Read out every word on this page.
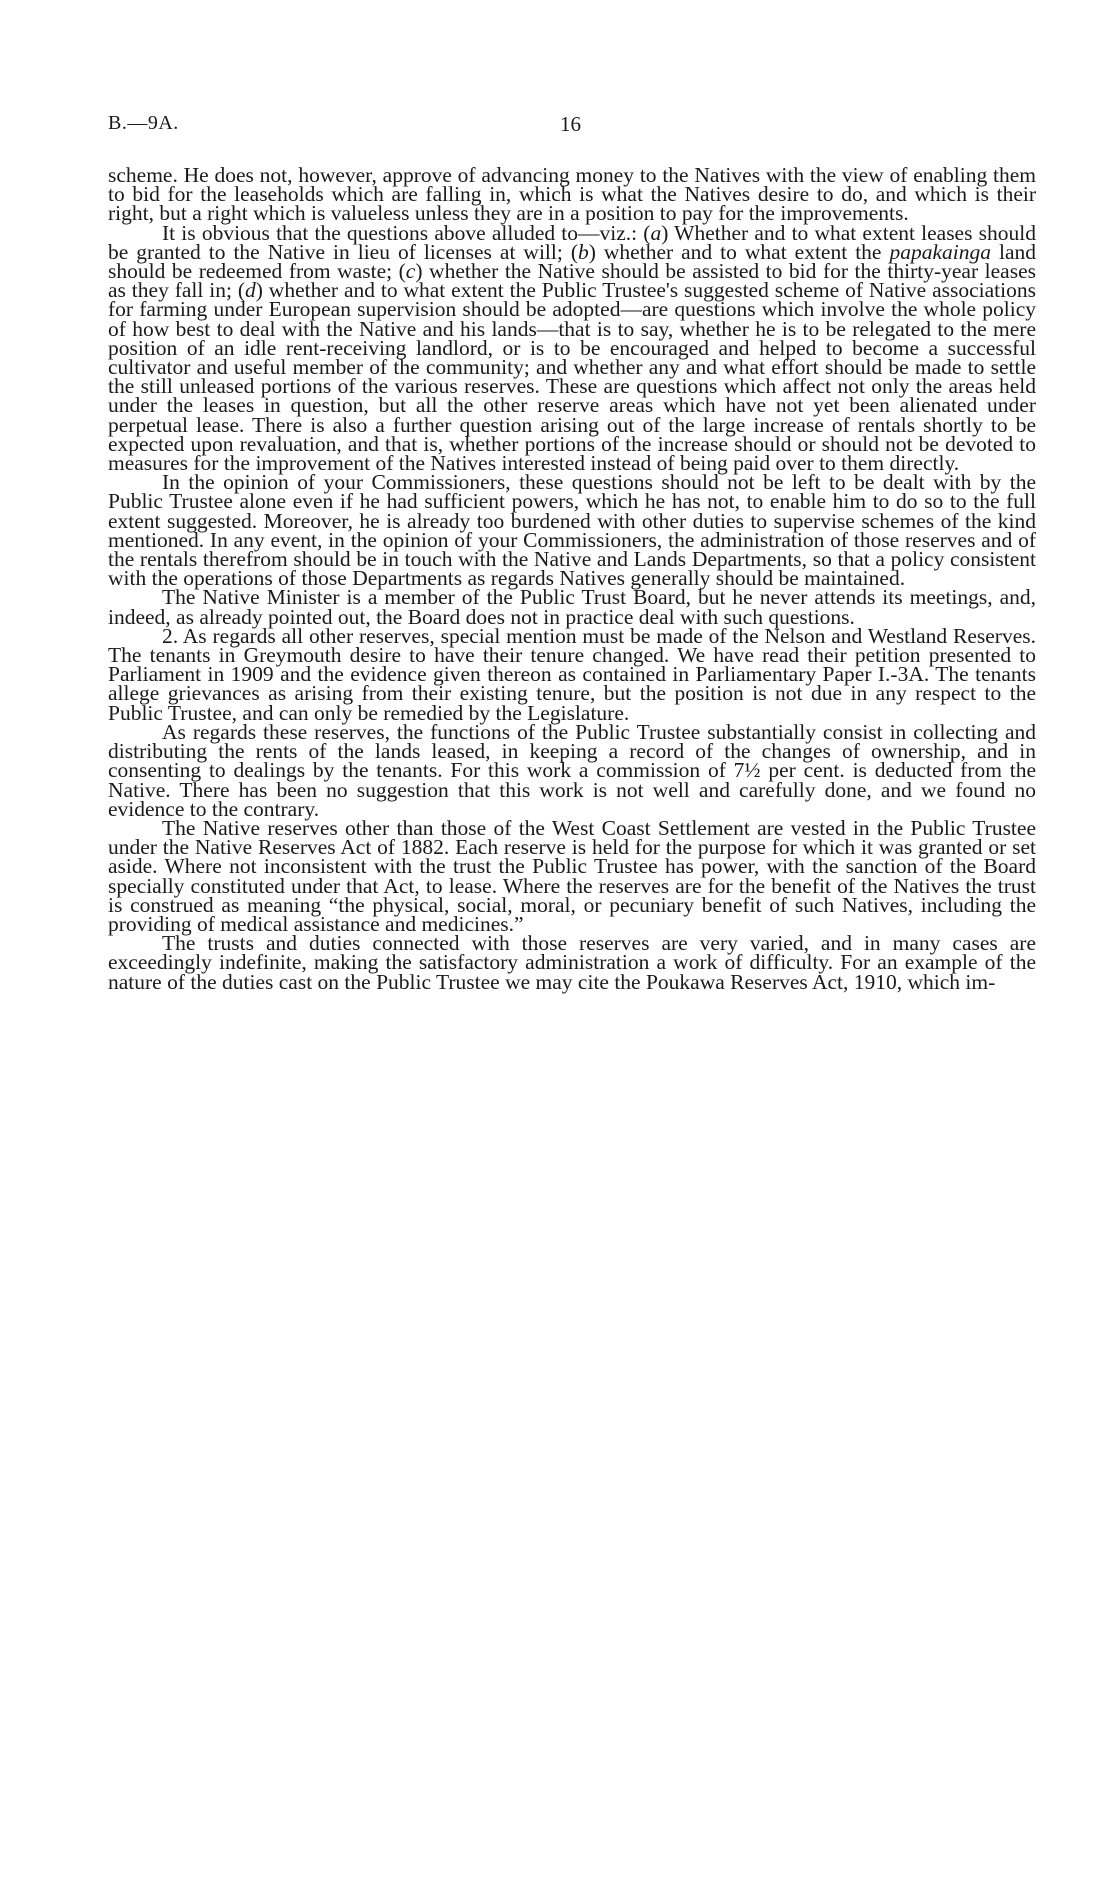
B.—9A.	16

scheme. He does not, however, approve of advancing money to the Natives with the view of enabling them to bid for the leaseholds which are falling in, which is what the Natives desire to do, and which is their right, but a right which is valueless unless they are in a position to pay for the improvements.

It is obvious that the questions above alluded to—viz.: (a) Whether and to what extent leases should be granted to the Native in lieu of licenses at will; (b) whether and to what extent the papakainga land should be redeemed from waste; (c) whether the Native should be assisted to bid for the thirty-year leases as they fall in; (d) whether and to what extent the Public Trustee's suggested scheme of Native associations for farming under European supervision should be adopted—are questions which involve the whole policy of how best to deal with the Native and his lands—that is to say, whether he is to be relegated to the mere position of an idle rent-receiving landlord, or is to be encouraged and helped to become a successful cultivator and useful member of the community; and whether any and what effort should be made to settle the still unleased portions of the various reserves. These are questions which affect not only the areas held under the leases in question, but all the other reserve areas which have not yet been alienated under perpetual lease. There is also a further question arising out of the large increase of rentals shortly to be expected upon revaluation, and that is, whether portions of the increase should or should not be devoted to measures for the improvement of the Natives interested instead of being paid over to them directly.

In the opinion of your Commissioners, these questions should not be left to be dealt with by the Public Trustee alone even if he had sufficient powers, which he has not, to enable him to do so to the full extent suggested. Moreover, he is already too burdened with other duties to supervise schemes of the kind mentioned. In any event, in the opinion of your Commissioners, the administration of those reserves and of the rentals therefrom should be in touch with the Native and Lands Departments, so that a policy consistent with the operations of those Departments as regards Natives generally should be maintained.

The Native Minister is a member of the Public Trust Board, but he never attends its meetings, and, indeed, as already pointed out, the Board does not in practice deal with such questions.

2. As regards all other reserves, special mention must be made of the Nelson and Westland Reserves. The tenants in Greymouth desire to have their tenure changed. We have read their petition presented to Parliament in 1909 and the evidence given thereon as contained in Parliamentary Paper I.-3A. The tenants allege grievances as arising from their existing tenure, but the position is not due in any respect to the Public Trustee, and can only be remedied by the Legislature.

As regards these reserves, the functions of the Public Trustee substantially consist in collecting and distributing the rents of the lands leased, in keeping a record of the changes of ownership, and in consenting to dealings by the tenants. For this work a commission of 7½ per cent. is deducted from the Native. There has been no suggestion that this work is not well and carefully done, and we found no evidence to the contrary.

The Native reserves other than those of the West Coast Settlement are vested in the Public Trustee under the Native Reserves Act of 1882. Each reserve is held for the purpose for which it was granted or set aside. Where not inconsistent with the trust the Public Trustee has power, with the sanction of the Board specially constituted under that Act, to lease. Where the reserves are for the benefit of the Natives the trust is construed as meaning “the physical, social, moral, or pecuniary benefit of such Natives, including the providing of medical assistance and medicines.”

The trusts and duties connected with those reserves are very varied, and in many cases are exceedingly indefinite, making the satisfactory administration a work of difficulty. For an example of the nature of the duties cast on the Public Trustee we may cite the Poukawa Reserves Act, 1910, which im-
